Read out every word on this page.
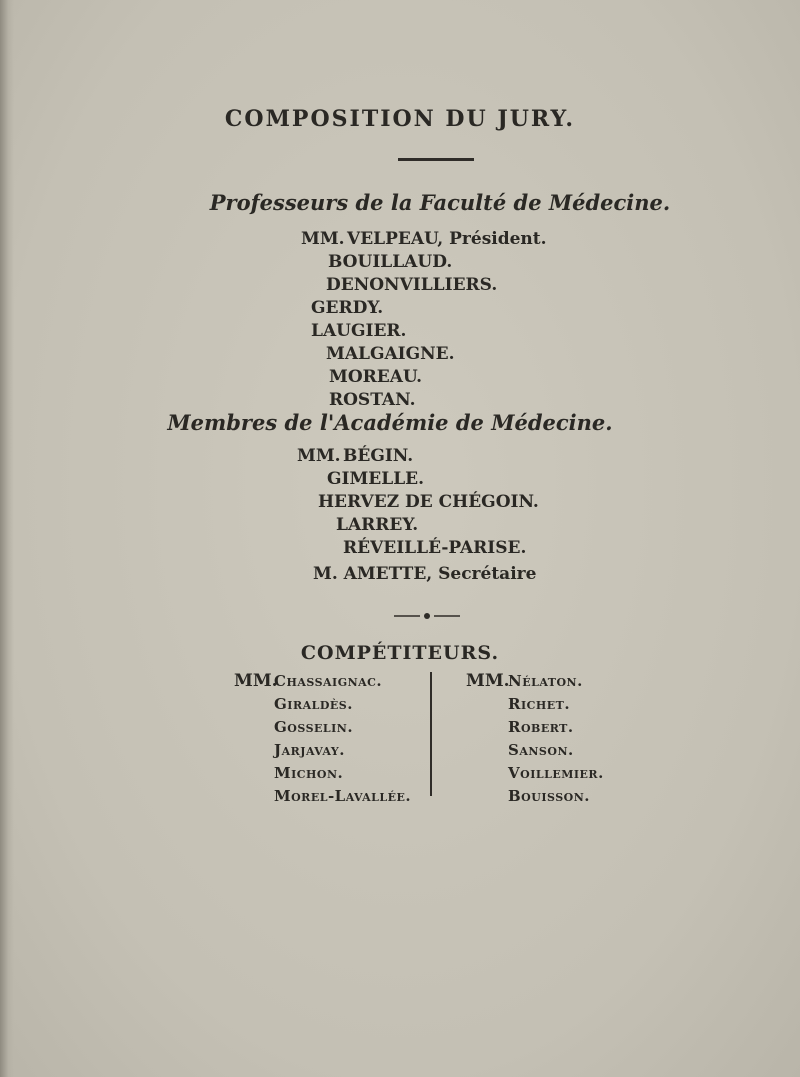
COMPOSITION DU JURY.
Professeurs de la Faculté de Médecine.
MM. VELPEAU, Président.
BOUILLAUD.
DENONVILLIERS.
GERDY.
LAUGIER.
MALGAIGNE.
MOREAU.
ROSTAN.
Membres de l'Académie de Médecine.
MM. BÉGIN.
GIMELLE.
HERVEZ DE CHÉGOIN.
LARREY.
RÉVEILLÉ-PARISE.
M. AMETTE, Secrétaire
COMPÉTITEURS.
MM.
Chassaignac.
Giraldès.
Gosselin.
Jarjavay.
Michon.
Morel-Lavallée.
MM.
Nélaton.
Richet.
Robert.
Sanson.
Voillemier.
Bouisson.
